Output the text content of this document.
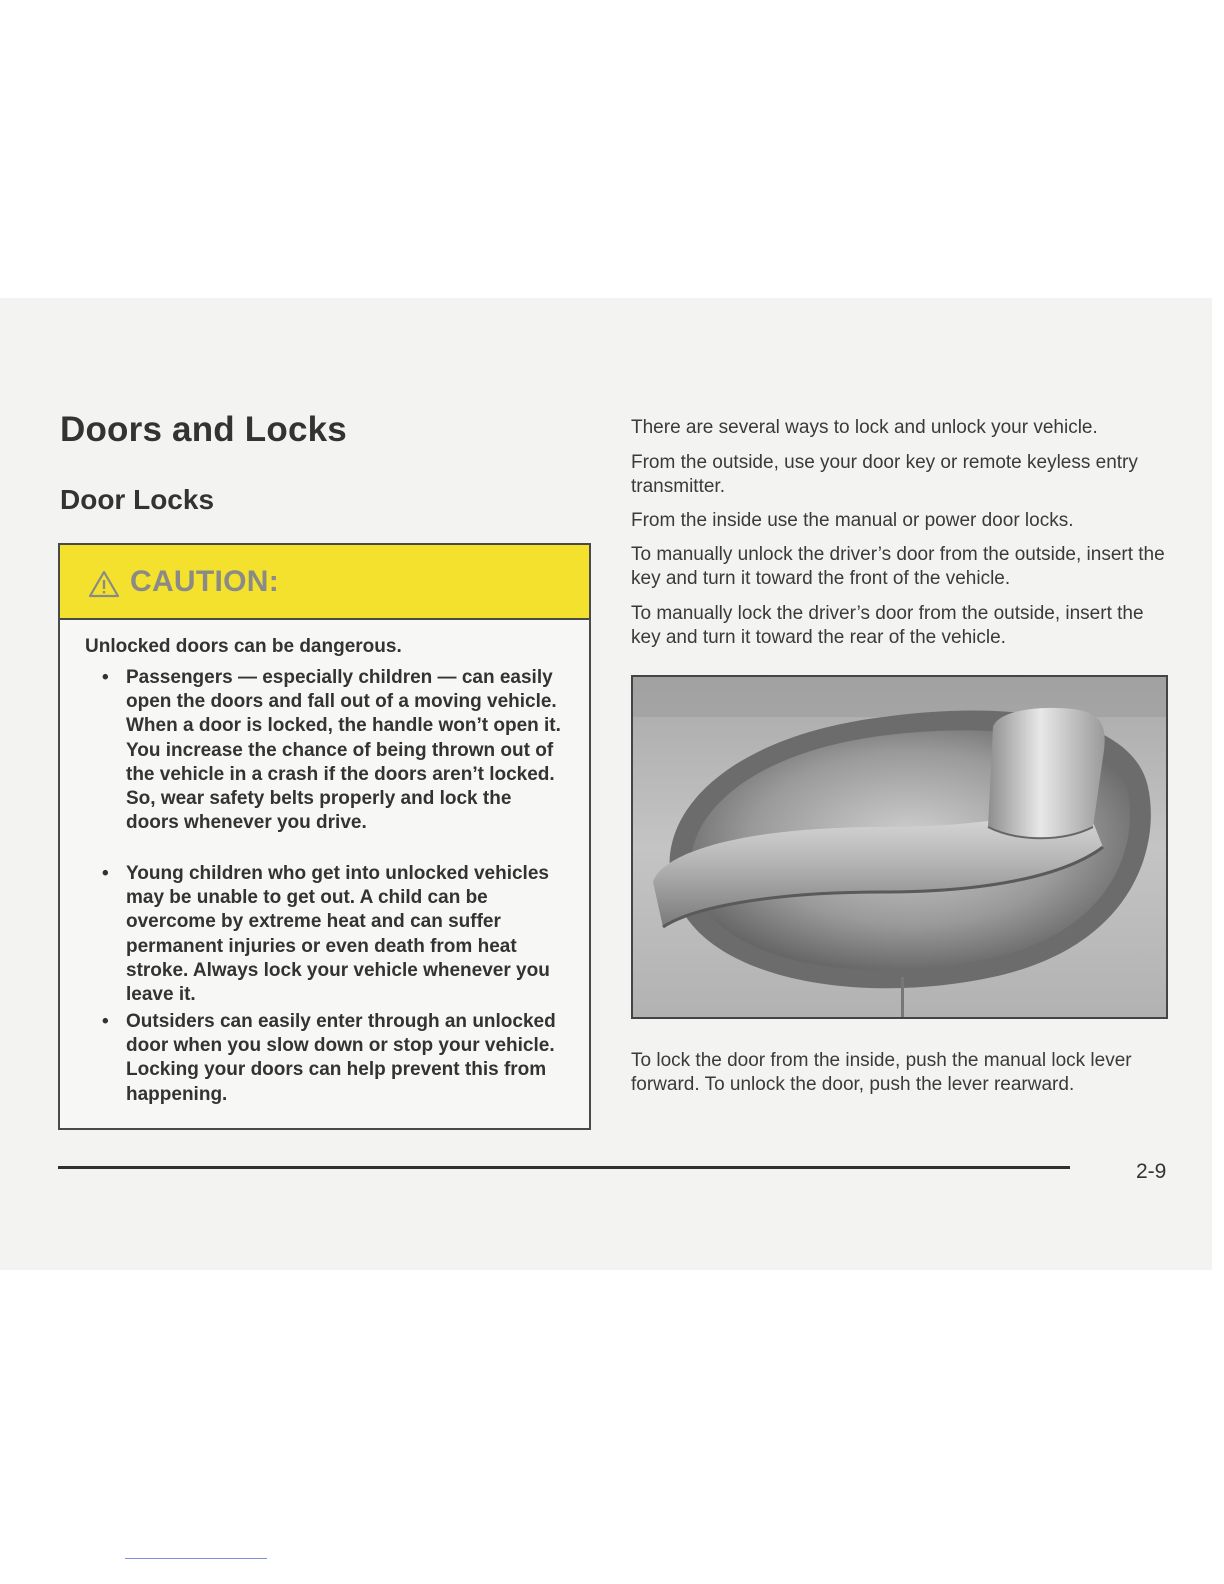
Doors and Locks
Door Locks
CAUTION:
Unlocked doors can be dangerous.
• Passengers — especially children — can easily open the doors and fall out of a moving vehicle. When a door is locked, the handle won’t open it. You increase the chance of being thrown out of the vehicle in a crash if the doors aren’t locked. So, wear safety belts properly and lock the doors whenever you drive.
• Young children who get into unlocked vehicles may be unable to get out. A child can be overcome by extreme heat and can suffer permanent injuries or even death from heat stroke. Always lock your vehicle whenever you leave it.
• Outsiders can easily enter through an unlocked door when you slow down or stop your vehicle. Locking your doors can help prevent this from happening.

There are several ways to lock and unlock your vehicle.

From the outside, use your door key or remote keyless entry transmitter.

From the inside use the manual or power door locks.

To manually unlock the driver’s door from the outside, insert the key and turn it toward the front of the vehicle.

To manually lock the driver’s door from the outside, insert the key and turn it toward the rear of the vehicle.

To lock the door from the inside, push the manual lock lever forward. To unlock the door, push the lever rearward.

2-9
